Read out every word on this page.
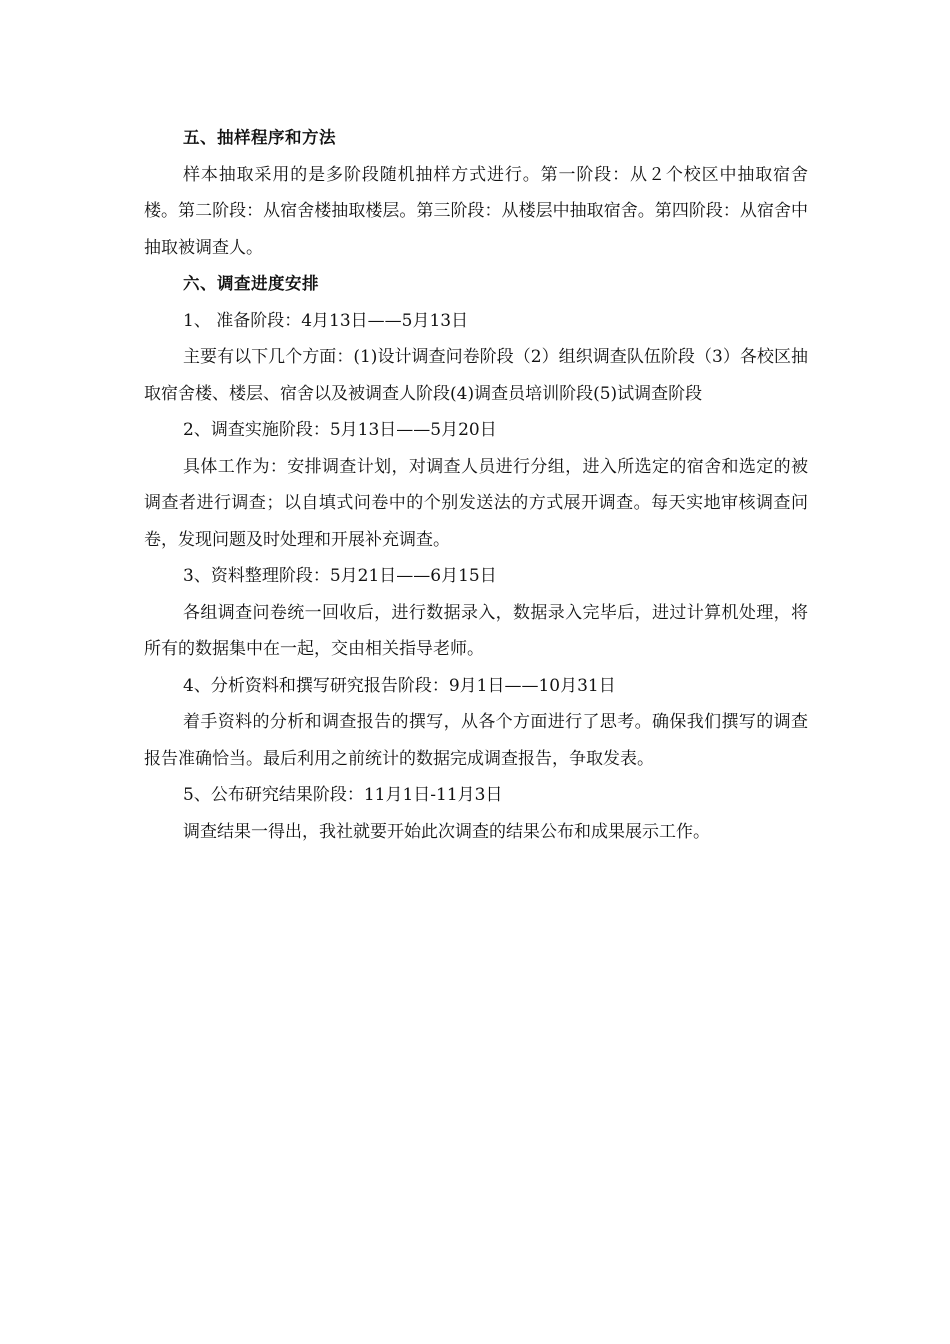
五、抽样程序和方法

样本抽取采用的是多阶段随机抽样方式进行。第一阶段：从２个校区中抽取宿舍楼。第二阶段：从宿舍楼抽取楼层。第三阶段：从楼层中抽取宿舍。第四阶段：从宿舍中抽取被调查人。

六、调查进度安排

1、 准备阶段：4月13日——5月13日

主要有以下几个方面：(1)设计调查问卷阶段（2）组织调查队伍阶段（3）各校区抽取宿舍楼、楼层、宿舍以及被调查人阶段(4)调查员培训阶段(5)试调查阶段

2、调查实施阶段：5月13日——5月20日

具体工作为：安排调查计划，对调查人员进行分组，进入所选定的宿舍和选定的被调查者进行调查；以自填式问卷中的个别发送法的方式展开调查。每天实地审核调查问卷，发现问题及时处理和开展补充调查。

3、资料整理阶段：5月21日——6月15日

各组调查问卷统一回收后，进行数据录入，数据录入完毕后，进过计算机处理，将所有的数据集中在一起，交由相关指导老师。

4、分析资料和撰写研究报告阶段：9月1日——10月31日

着手资料的分析和调查报告的撰写，从各个方面进行了思考。确保我们撰写的调查报告准确恰当。最后利用之前统计的数据完成调查报告，争取发表。

5、公布研究结果阶段：11月1日-11月3日

调查结果一得出，我社就要开始此次调查的结果公布和成果展示工作。
